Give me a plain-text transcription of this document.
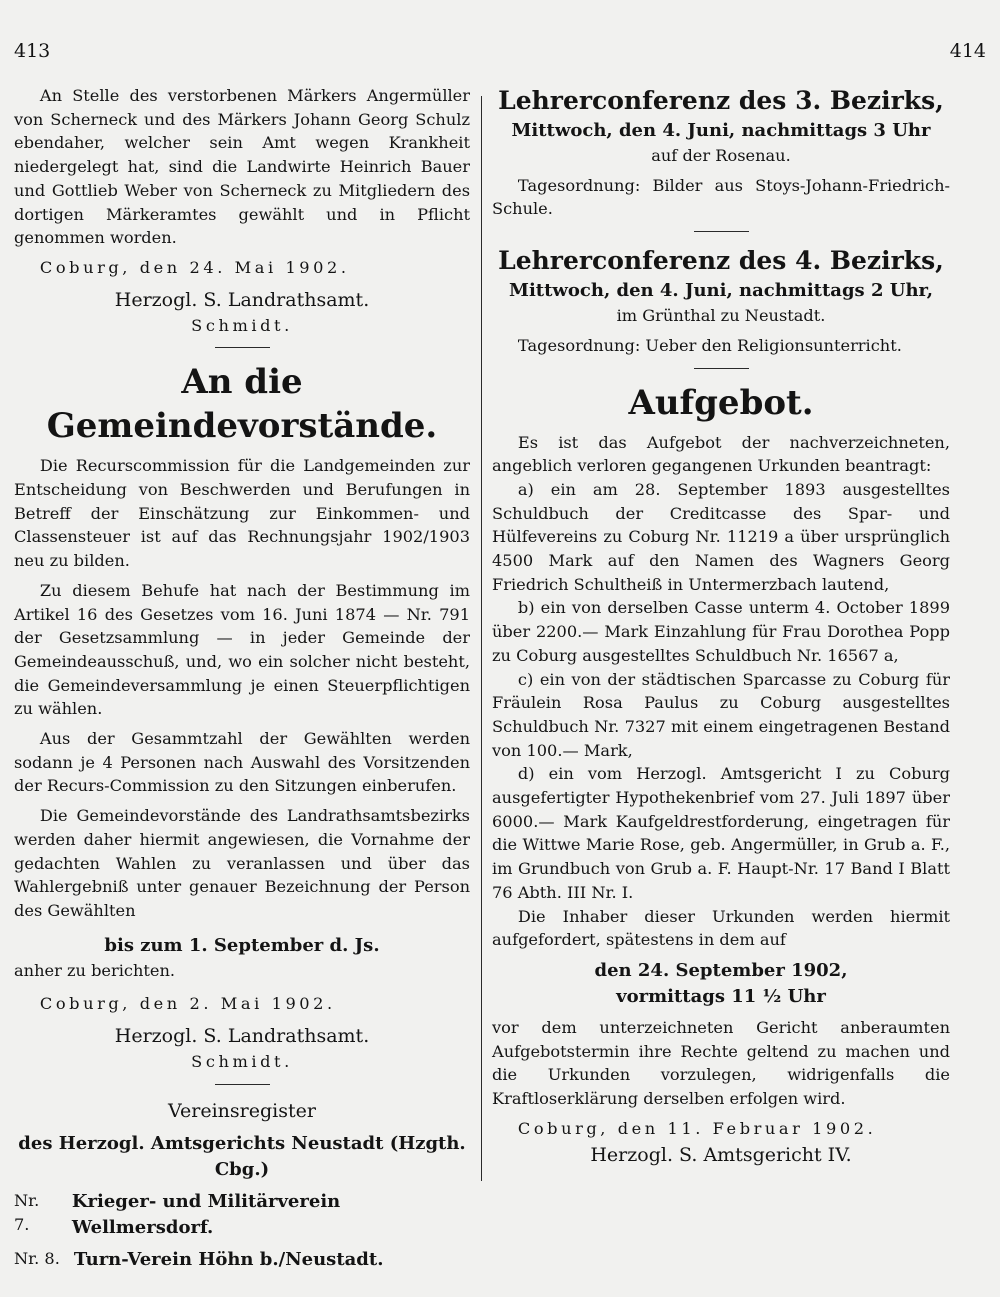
413	414

An Stelle des verstorbenen Märkers Angermüller von Scherneck und des Märkers Johann Georg Schulz ebendaher, welcher sein Amt wegen Krankheit niedergelegt hat, sind die Landwirte Heinrich Bauer und Gottlieb Weber von Scherneck zu Mitgliedern des dortigen Märkeramtes gewählt und in Pflicht genommen worden.

Coburg, den 24. Mai 1902.

Herzogl. S. Landrathsamt.

Schmidt.

An die Gemeindevorstände.

Die Recurscommission für die Landgemeinden zur Entscheidung von Beschwerden und Berufungen in Betreff der Einschätzung zur Einkommen- und Classensteuer ist auf das Rechnungsjahr 1902/1903 neu zu bilden.

Zu diesem Behufe hat nach der Bestimmung im Artikel 16 des Gesetzes vom 16. Juni 1874 — Nr. 791 der Gesetzsammlung — in jeder Gemeinde der Gemeindeausschuß, und, wo ein solcher nicht besteht, die Gemeindeversammlung je einen Steuerpflichtigen zu wählen.

Aus der Gesammtzahl der Gewählten werden sodann je 4 Personen nach Auswahl des Vorsitzenden der Recurs-Commission zu den Sitzungen einberufen.

Die Gemeindevorstände des Landrathsamtsbezirks werden daher hiermit angewiesen, die Vornahme der gedachten Wahlen zu veranlassen und über das Wahlergebniß unter genauer Bezeichnung der Person des Gewählten

bis zum 1. September d. Js.

anher zu berichten.

Coburg, den 2. Mai 1902.

Herzogl. S. Landrathsamt.

Schmidt.

Vereinsregister

des Herzogl. Amtsgerichts Neustadt (Hzgth. Cbg.)

Nr. 7.
Krieger- und Militärverein Wellmersdorf.
Nr. 8. Turn-Verein Höhn b./Neustadt.

Lehrerconferenz des 3. Bezirks,

Mittwoch, den 4. Juni, nachmittags 3 Uhr

auf der Rosenau.

Tagesordnung: Bilder aus Stoys-Johann-Friedrich-Schule.

Lehrerconferenz des 4. Bezirks,

Mittwoch, den 4. Juni, nachmittags 2 Uhr,

im Grünthal zu Neustadt.

Tagesordnung: Ueber den Religionsunterricht.

Aufgebot.

Es ist das Aufgebot der nachverzeichneten, angeblich verloren gegangenen Urkunden beantragt:

a) ein am 28. September 1893 ausgestelltes Schuldbuch der Creditcasse des Spar- und Hülfevereins zu Coburg Nr. 11219 a über ursprünglich 4500 Mark auf den Namen des Wagners Georg Friedrich Schultheiß in Untermerzbach lautend,

b) ein von derselben Casse unterm 4. October 1899 über 2200.— Mark Einzahlung für Frau Dorothea Popp zu Coburg ausgestelltes Schuldbuch Nr. 16567 a,

c) ein von der städtischen Sparcasse zu Coburg für Fräulein Rosa Paulus zu Coburg ausgestelltes Schuldbuch Nr. 7327 mit einem eingetragenen Bestand von 100.— Mark,

d) ein vom Herzogl. Amtsgericht I zu Coburg ausgefertigter Hypothekenbrief vom 27. Juli 1897 über 6000.— Mark Kaufgeldrestforderung, eingetragen für die Wittwe Marie Rose, geb. Angermüller, in Grub a. F., im Grundbuch von Grub a. F. Haupt-Nr. 17 Band I Blatt 76 Abth. III Nr. I.

Die Inhaber dieser Urkunden werden hiermit aufgefordert, spätestens in dem auf

den 24. September 1902,

vormittags 11 ½ Uhr

vor dem unterzeichneten Gericht anberaumten Aufgebotstermin ihre Rechte geltend zu machen und die Urkunden vorzulegen, widrigenfalls die Kraftloserklärung derselben erfolgen wird.

Coburg, den 11. Februar 1902.

Herzogl. S. Amtsgericht IV.
